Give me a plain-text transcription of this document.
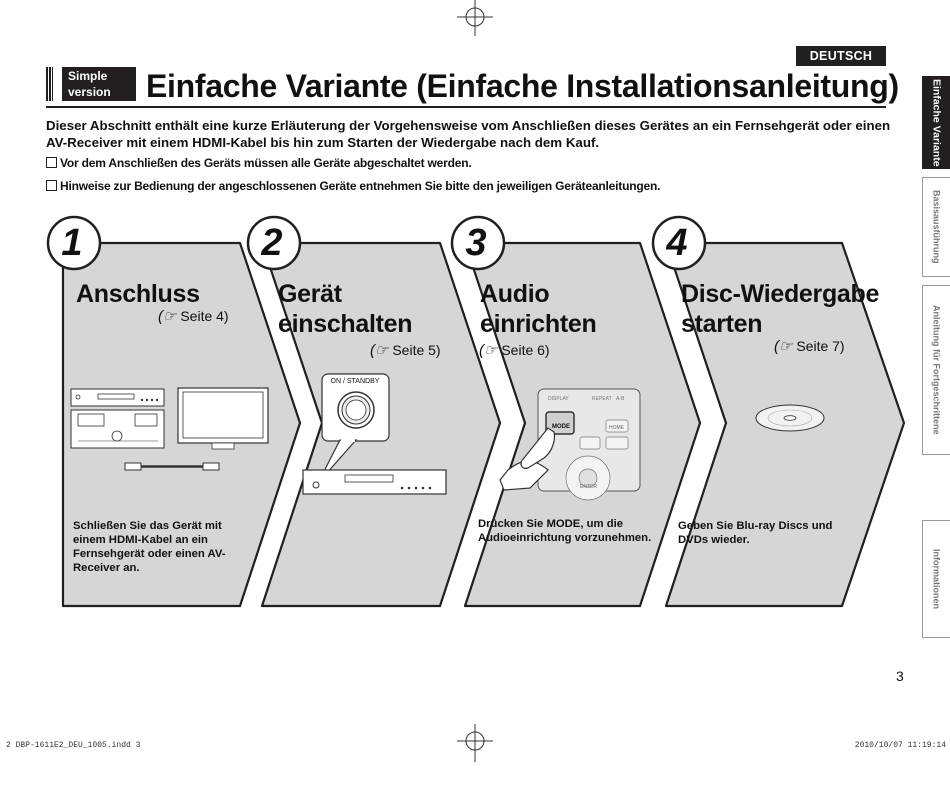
DEUTSCH
Simple
version	Einfache Variante (Einfache Installationsanleitung)
Dieser Abschnitt enthält eine kurze Erläuterung der Vorgehensweise vom Anschließen dieses Gerätes an ein Fernsehgerät oder einen AV-Receiver mit einem HDMI-Kabel bis hin zum Starten der Wiedergabe nach dem Kauf.
Vor dem Anschließen des Geräts müssen alle Geräte abgeschaltet werden.
Hinweise zur Bedienung der angeschlossenen Geräte entnehmen Sie bitte den jeweiligen Geräteanleitungen.
DISPLAY	REPEAT A-B
MODE	HOME
ENTER
1	2	3	4
Anschluss
(☞ Seite 4)
Schließen Sie das Gerät mit einem HDMI-Kabel an ein Fernsehgerät oder einen AV-Receiver an.
Gerät
einschalten
(☞ Seite 5)
ON / STANDBY
Audio
einrichten
(☞ Seite 6)
Drücken Sie MODE, um die Audioeinrichtung vorzunehmen.
Disc-Wiedergabe
starten
(☞ Seite 7)
Geben Sie Blu-ray Discs und DVDs wieder.
Einfache Variante
Basisausführung
Anleitung für Fortgeschrittene
Informationen
3
2 DBP-1611E2_DEU_1005.indd 3	2010/10/07 11:19:14
